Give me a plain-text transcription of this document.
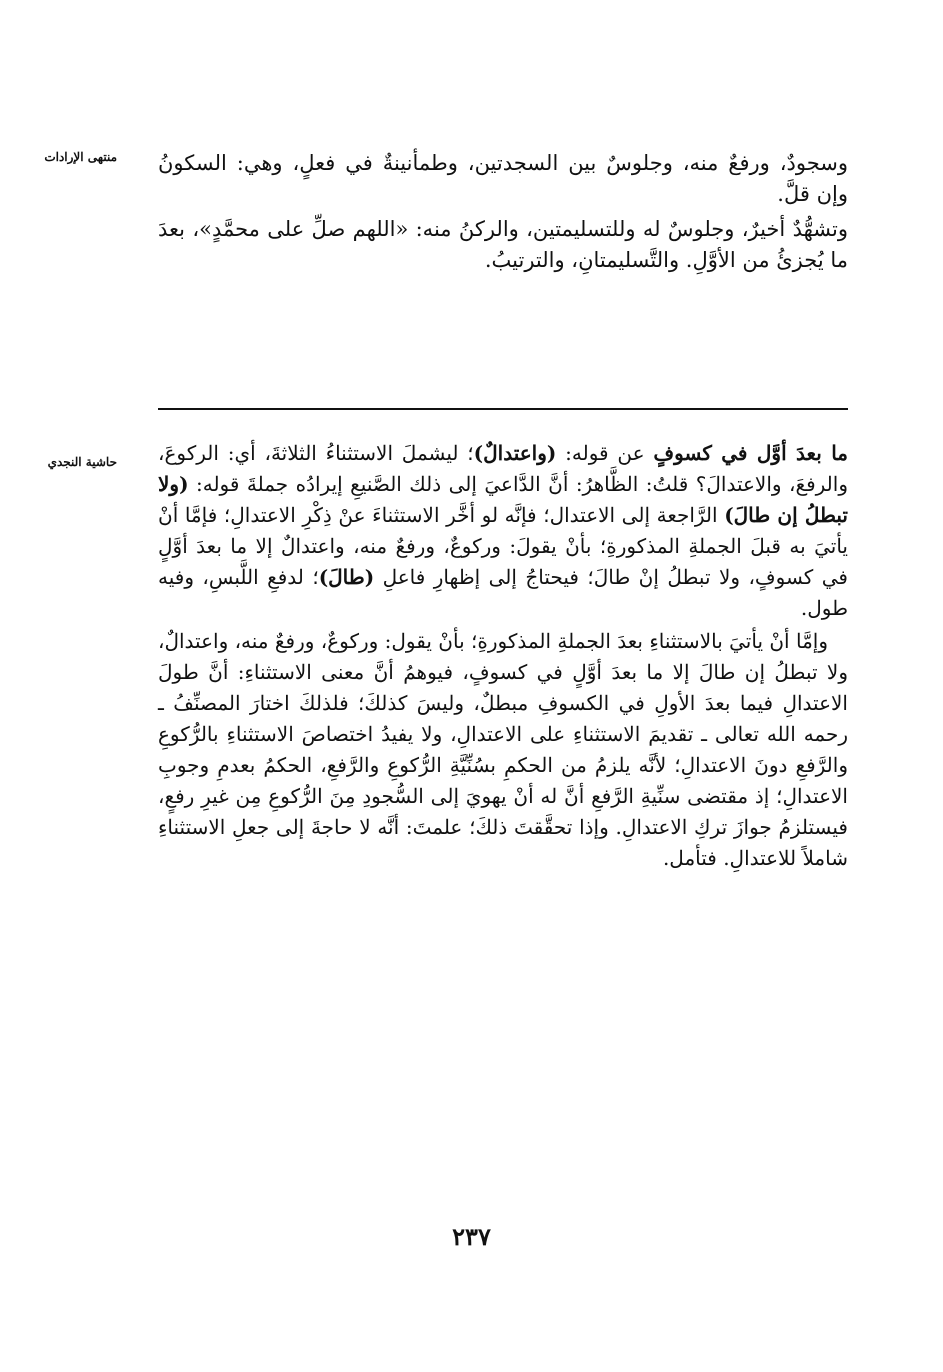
منتهى الإرادات وسجودٌ، ورفعٌ منه، وجلوسٌ بين السجدتين، وطمأنينةٌ في فعلٍ، وهي: السكونُ وإن قلَّ.

وتشهُّدٌ أخيرٌ، وجلوسٌ له وللتسليمتين، والركنُ منه: «اللهم صلِّ على محمَّدٍ»، بعدَ ما يُجزئُ من الأوَّلِ. والتَّسليمتانِ، والترتيبُ.

حاشية النجدي	ما بعدَ أوَّل في كسوفٍ عن قوله: (واعتدالٌ)؛ ليشملَ الاستثناءُ الثلاثةَ، أي: الركوعَ، والرفعَ، والاعتدالَ؟ قلتُ: الظَّاهرُ: أنَّ الدَّاعيَ إلى ذلك الصَّنيعِ إيرادُه جملةَ قوله: (ولا تبطلُ إن طالَ) الرَّاجعة إلى الاعتدال؛ فإنَّه لو أخَّر الاستثناءَ عنْ ذِكْرِ الاعتدالِ؛ فإمَّا أنْ يأتيَ به قبلَ الجملةِ المذكورةِ؛ بأنْ يقولَ: وركوعٌ، ورفعٌ منه، واعتدالٌ إلا ما بعدَ أوَّلٍ في كسوفٍ، ولا تبطلُ إنْ طالَ؛ فيحتاجُ إلى إظهارِ فاعلِ (طالَ)؛ لدفعِ اللَّبسِ، وفيه طول.

وإمَّا أنْ يأتيَ بالاستثناءِ بعدَ الجملةِ المذكورةِ؛ بأنْ يقول: وركوعٌ، ورفعٌ منه، واعتدالٌ، ولا تبطلُ إن طالَ إلا ما بعدَ أوَّلٍ في كسوفٍ، فيوهمُ أنَّ معنى الاستثناءِ: أنَّ طولَ الاعتدالِ فيما بعدَ الأولِ في الكسوفِ مبطلٌ، وليسَ كذلكَ؛ فلذلكَ اختارَ المصنِّفُ ـ رحمه الله تعالى ـ تقديمَ الاستثناءِ على الاعتدالِ، ولا يفيدُ اختصاصَ الاستثناءِ بالرُّكوعِ والرَّفعِ دونَ الاعتدالِ؛ لأنَّه يلزمُ من الحكمِ بسُنِّيَّةِ الرُّكوعِ والرَّفعِ، الحكمُ بعدمِ وجوبِ الاعتدالِ؛ إذ مقتضى سنِّيةِ الرَّفعِ أنَّ له أنْ يهويَ إلى السُّجودِ مِنَ الرُّكوعِ مِن غيرِ رفعٍ، فيستلزمُ جوازَ تركِ الاعتدالِ. وإذا تحقَّقتَ ذلكَ؛ علمتَ: أنَّه لا حاجةَ إلى جعلِ الاستثناءِ شاملاً للاعتدالِ. فتأمل.

٢٣٧
